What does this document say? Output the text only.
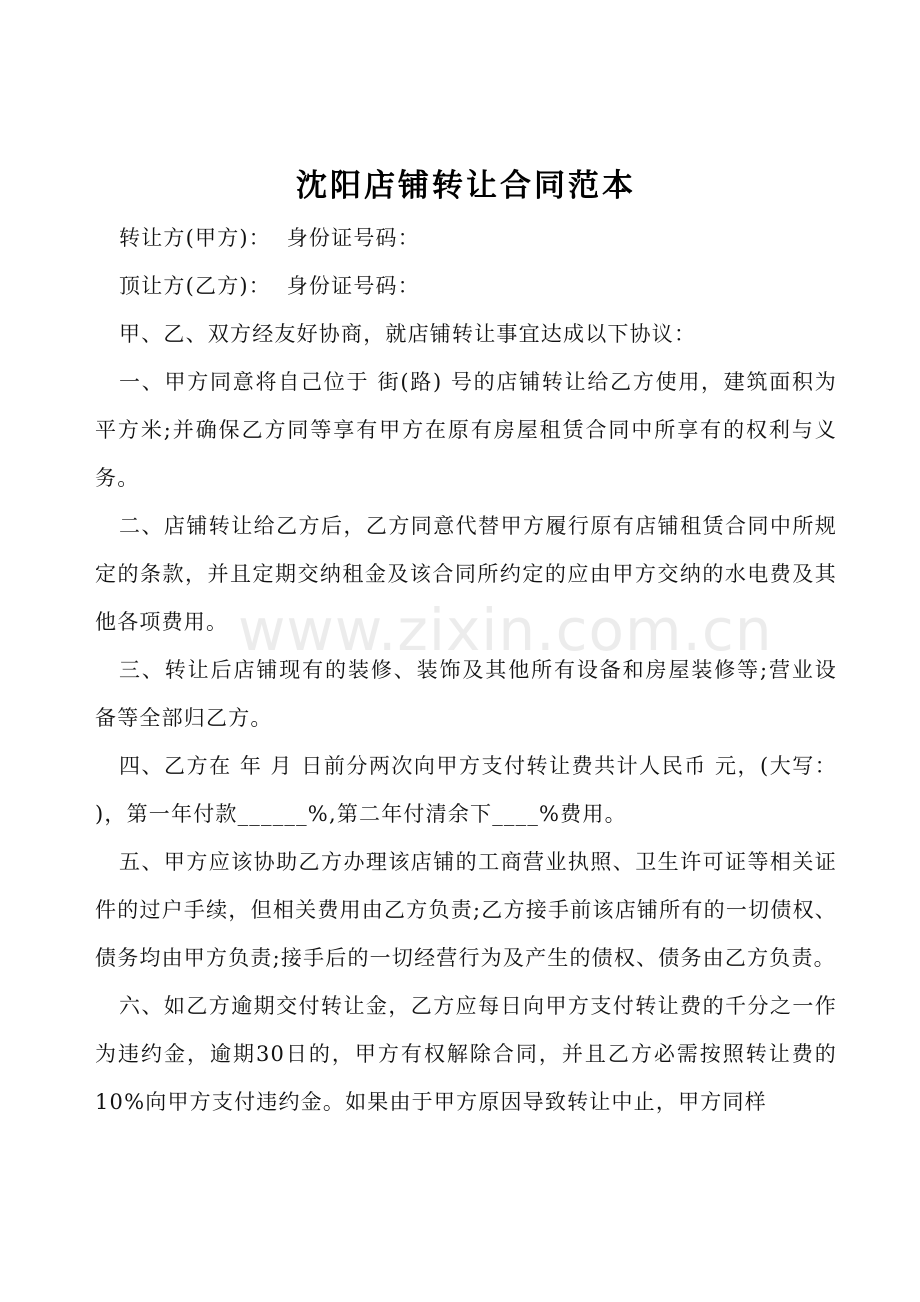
沈阳店铺转让合同范本

转让方(甲方)：  身份证号码：

顶让方(乙方)：  身份证号码：

甲、乙、双方经友好协商，就店铺转让事宜达成以下协议：

一、甲方同意将自己位于 街(路) 号的店铺转让给乙方使用，建筑面积为 平方米;并确保乙方同等享有甲方在原有房屋租赁合同中所享有的权利与义务。

二、店铺转让给乙方后，乙方同意代替甲方履行原有店铺租赁合同中所规定的条款，并且定期交纳租金及该合同所约定的应由甲方交纳的水电费及其他各项费用。

三、转让后店铺现有的装修、装饰及其他所有设备和房屋装修等;营业设备等全部归乙方。

四、乙方在 年 月 日前分两次向甲方支付转让费共计人民币 元，(大写： )，第一年付款______%,第二年付清余下____%费用。

五、甲方应该协助乙方办理该店铺的工商营业执照、卫生许可证等相关证件的过户手续，但相关费用由乙方负责;乙方接手前该店铺所有的一切债权、债务均由甲方负责;接手后的一切经营行为及产生的债权、债务由乙方负责。

六、如乙方逾期交付转让金，乙方应每日向甲方支付转让费的千分之一作为违约金，逾期30日的，甲方有权解除合同，并且乙方必需按照转让费的10%向甲方支付违约金。如果由于甲方原因导致转让中止，甲方同样

www.zixin.com.cn
